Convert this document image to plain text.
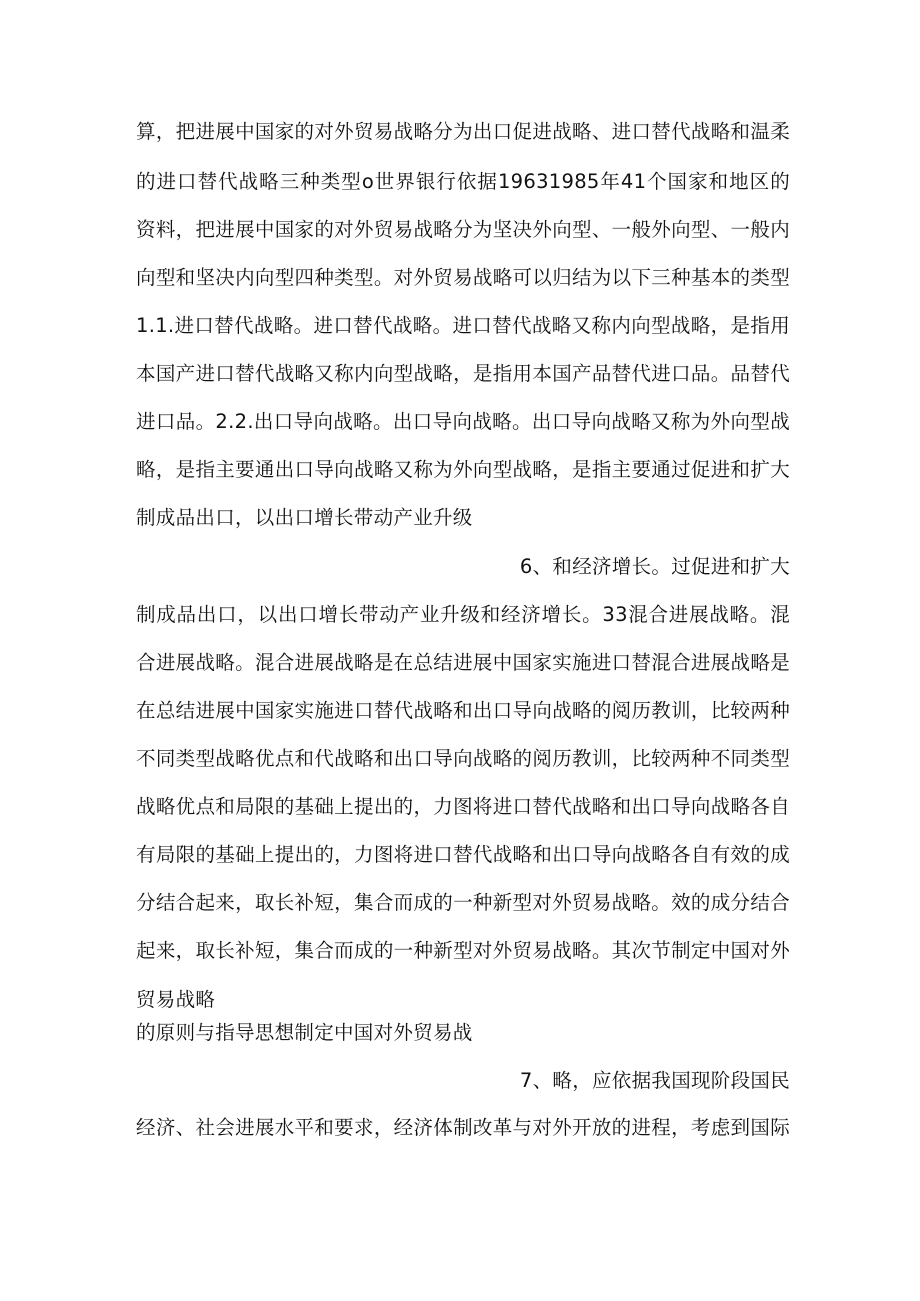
算，把进展中国家的对外贸易战略分为出口促进战略、进口替代战略和温柔
的进口替代战略三种类型o世界银行依据19631985年41个国家和地区的
资料，把进展中国家的对外贸易战略分为坚决外向型、一般外向型、一般内
向型和坚决内向型四种类型。对外贸易战略可以归结为以下三种基本的类型
1.1.进口替代战略。进口替代战略。进口替代战略又称内向型战略，是指用
本国产进口替代战略又称内向型战略，是指用本国产品替代进口品。品替代
进口品。2.2.出口导向战略。出口导向战略。出口导向战略又称为外向型战
略，是指主要通出口导向战略又称为外向型战略，是指主要通过促进和扩大
制成品出口，以出口增长带动产业升级
6、和经济增长。过促进和扩大
制成品出口，以出口增长带动产业升级和经济增长。33混合进展战略。混
合进展战略。混合进展战略是在总结进展中国家实施进口替混合进展战略是
在总结进展中国家实施进口替代战略和出口导向战略的阅历教训，比较两种
不同类型战略优点和代战略和出口导向战略的阅历教训，比较两种不同类型
战略优点和局限的基础上提出的，力图将进口替代战略和出口导向战略各自
有局限的基础上提出的，力图将进口替代战略和出口导向战略各自有效的成
分结合起来，取长补短，集合而成的一种新型对外贸易战略。效的成分结合
起来，取长补短，集合而成的一种新型对外贸易战略。其次节制定中国对外
贸易战略
的原则与指导思想制定中国对外贸易战
7、略，应依据我国现阶段国民
经济、社会进展水平和要求，经济体制改革与对外开放的进程，考虑到国际
